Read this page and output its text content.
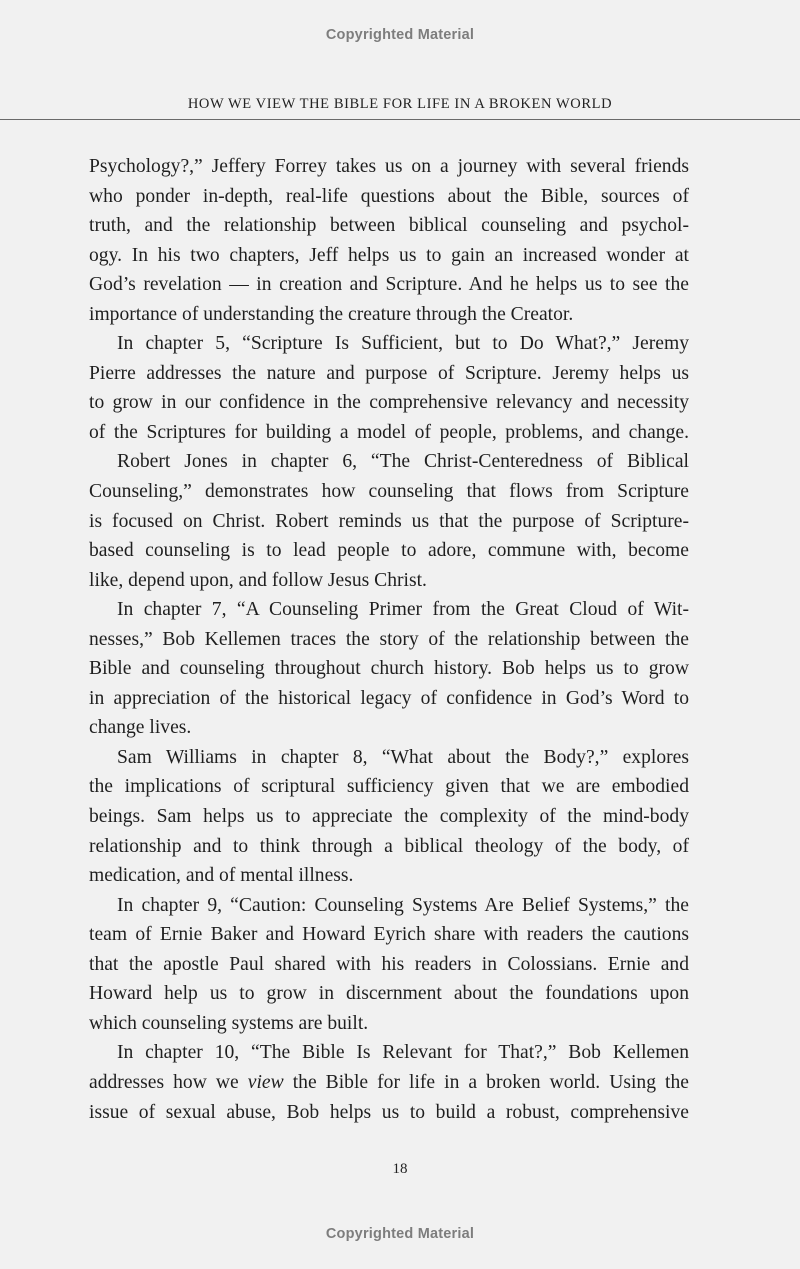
Copyrighted Material
HOW WE VIEW THE BIBLE FOR LIFE IN A BROKEN WORLD

Psychology?,” Jeffery Forrey takes us on a journey with several friends

who ponder in-depth, real-life questions about the Bible, sources of

truth, and the relationship between biblical counseling and psychol-

ogy. In his two chapters, Jeff helps us to gain an increased wonder at

God’s revelation — in creation and Scripture. And he helps us to see the

importance of understanding the creature through the Creator.

In chapter 5, “Scripture Is Sufficient, but to Do What?,” Jeremy

Pierre addresses the nature and purpose of Scripture. Jeremy helps us

to grow in our confidence in the comprehensive relevancy and necessity

of the Scriptures for building a model of people, problems, and change.

Robert Jones in chapter 6, “The Christ-Centeredness of Biblical

Counseling,” demonstrates how counseling that flows from Scripture

is focused on Christ. Robert reminds us that the purpose of Scripture-

based counseling is to lead people to adore, commune with, become

like, depend upon, and follow Jesus Christ.

In chapter 7, “A Counseling Primer from the Great Cloud of Wit-

nesses,” Bob Kellemen traces the story of the relationship between the

Bible and counseling throughout church history. Bob helps us to grow

in appreciation of the historical legacy of confidence in God’s Word to

change lives.

Sam Williams in chapter 8, “What about the Body?,” explores

the implications of scriptural sufficiency given that we are embodied

beings. Sam helps us to appreciate the complexity of the mind-body

relationship and to think through a biblical theology of the body, of

medication, and of mental illness.

In chapter 9, “Caution: Counseling Systems Are Belief Systems,” the

team of Ernie Baker and Howard Eyrich share with readers the cautions

that the apostle Paul shared with his readers in Colossians. Ernie and

Howard help us to grow in discernment about the foundations upon

which counseling systems are built.

In chapter 10, “The Bible Is Relevant for That?,” Bob Kellemen

addresses how we view the Bible for life in a broken world. Using the

issue of sexual abuse, Bob helps us to build a robust, comprehensive

18
Copyrighted Material
